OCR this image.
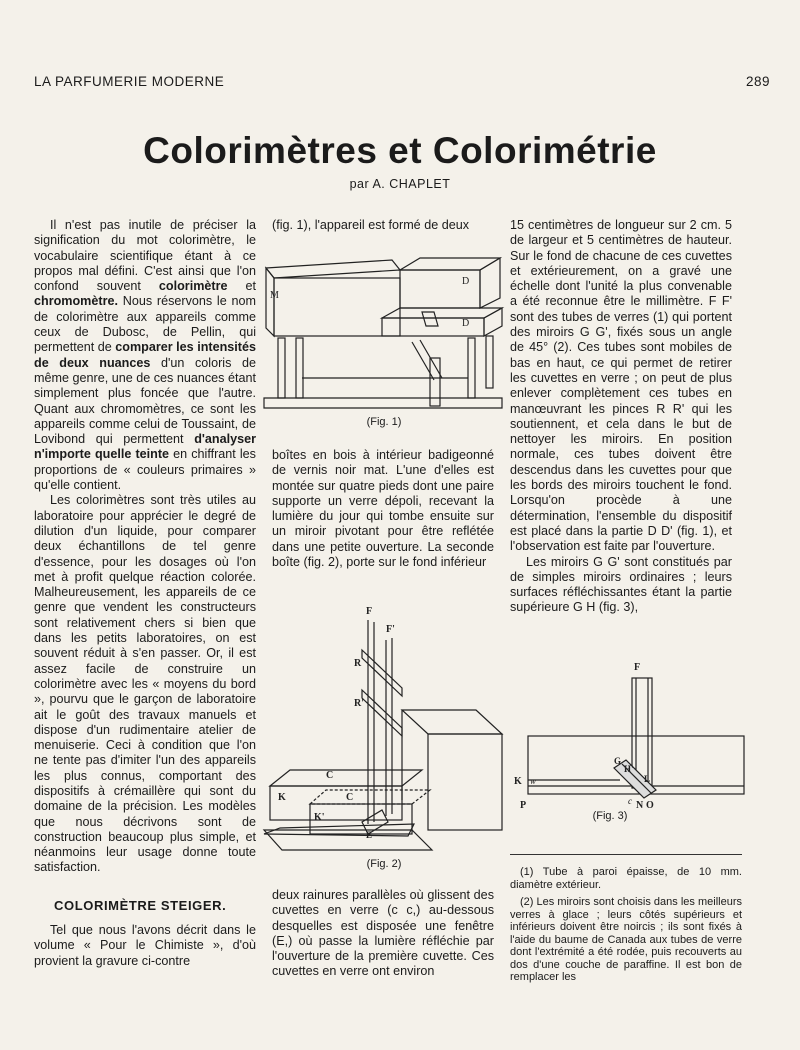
LA PARFUMERIE MODERNE	289
Colorimètres et Colorimétrie
par A. CHAPLET

Il n'est pas inutile de préciser la signification du mot colorimètre, le vocabulaire scientifique étant à ce propos mal défini. C'est ainsi que l'on confond souvent colorimètre et chromomètre. Nous réservons le nom de colorimètre aux appareils comme ceux de Dubosc, de Pellin, qui permettent de comparer les intensités de deux nuances d'un coloris de même genre, une de ces nuances étant simplement plus foncée que l'autre. Quant aux chromomètres, ce sont les appareils comme celui de Toussaint, de Lovibond qui permettent d'analyser n'importe quelle teinte en chiffrant les proportions de « couleurs primaires » qu'elle contient.

Les colorimètres sont très utiles au laboratoire pour apprécier le degré de dilution d'un liquide, pour comparer deux échantillons de tel genre d'essence, pour les dosages où l'on met à profit quelque réaction colorée. Malheureusement, les appareils de ce genre que vendent les constructeurs sont relativement chers si bien que dans les petits laboratoires, on est souvent réduit à s'en passer. Or, il est assez facile de construire un colorimètre avec les « moyens du bord », pourvu que le garçon de laboratoire ait le goût des travaux manuels et dispose d'un rudimentaire atelier de menuiserie. Ceci à condition que l'on ne tente pas d'imiter l'un des appareils les plus connus, comportant des dispositifs à crémaillère qui sont du domaine de la précision. Les modèles que nous décrivons sont de construction beaucoup plus simple, et néanmoins leur usage donne toute satisfaction.

COLORIMÈTRE STEIGER.

Tel que nous l'avons décrit dans le volume « Pour le Chimiste », d'où provient la gravure ci-contre

(fig. 1), l'appareil est formé de deux

M
D
D
(Fig. 1)

boîtes en bois à intérieur badigeonné de vernis noir mat. L'une d'elles est montée sur quatre pieds dont une paire supporte un verre dépoli, recevant la lumière du jour qui tombe ensuite sur un miroir pivotant pour être reflétée dans une petite ouverture. La seconde boîte (fig. 2), porte sur le fond inférieur

F
F'
R
R'
C
C
K
K'
E
(Fig. 2)

deux rainures parallèles où glissent des cuvettes en verre (c c,) au-dessous desquelles est disposée une fenêtre (E,) où passe la lumière réfléchie par l'ouverture de la première cuvette. Ces cuvettes en verre ont environ

15 centimètres de longueur sur 2 cm. 5 de largeur et 5 centimètres de hauteur. Sur le fond de chacune de ces cuvettes et extérieurement, on a gravé une échelle dont l'unité la plus convenable a été reconnue être le millimètre. F F' sont des tubes de verres (1) qui portent des miroirs G G', fixés sous un angle de 45° (2). Ces tubes sont mobiles de bas en haut, ce qui permet de retirer les cuvettes en verre ; on peut de plus enlever complètement ces tubes en manœuvrant les pinces R R' qui les soutiennent, et cela dans le but de nettoyer les miroirs. En position normale, ces tubes doivent être descendus dans les cuvettes pour que les bords des miroirs touchent le fond. Lorsqu'on procède à une détermination, l'ensemble du dispositif est placé dans la partie D D' (fig. 1), et l'observation est faite par l'ouverture.

Les miroirs G G' sont constitués par de simples miroirs ordinaires ; leurs surfaces réfléchissantes étant la partie supérieure G H (fig. 3),

F
G
H'
L
K w
P	c N O
(Fig. 3)

(1) Tube à paroi épaisse, de 10 mm. diamètre extérieur.

(2) Les miroirs sont choisis dans les meilleurs verres à glace ; leurs côtés supérieurs et inférieurs doivent être noircis ; ils sont fixés à l'aide du baume de Canada aux tubes de verre dont l'extrémité a été rodée, puis recouverts au dos d'une couche de paraffine. Il est bon de remplacer les
